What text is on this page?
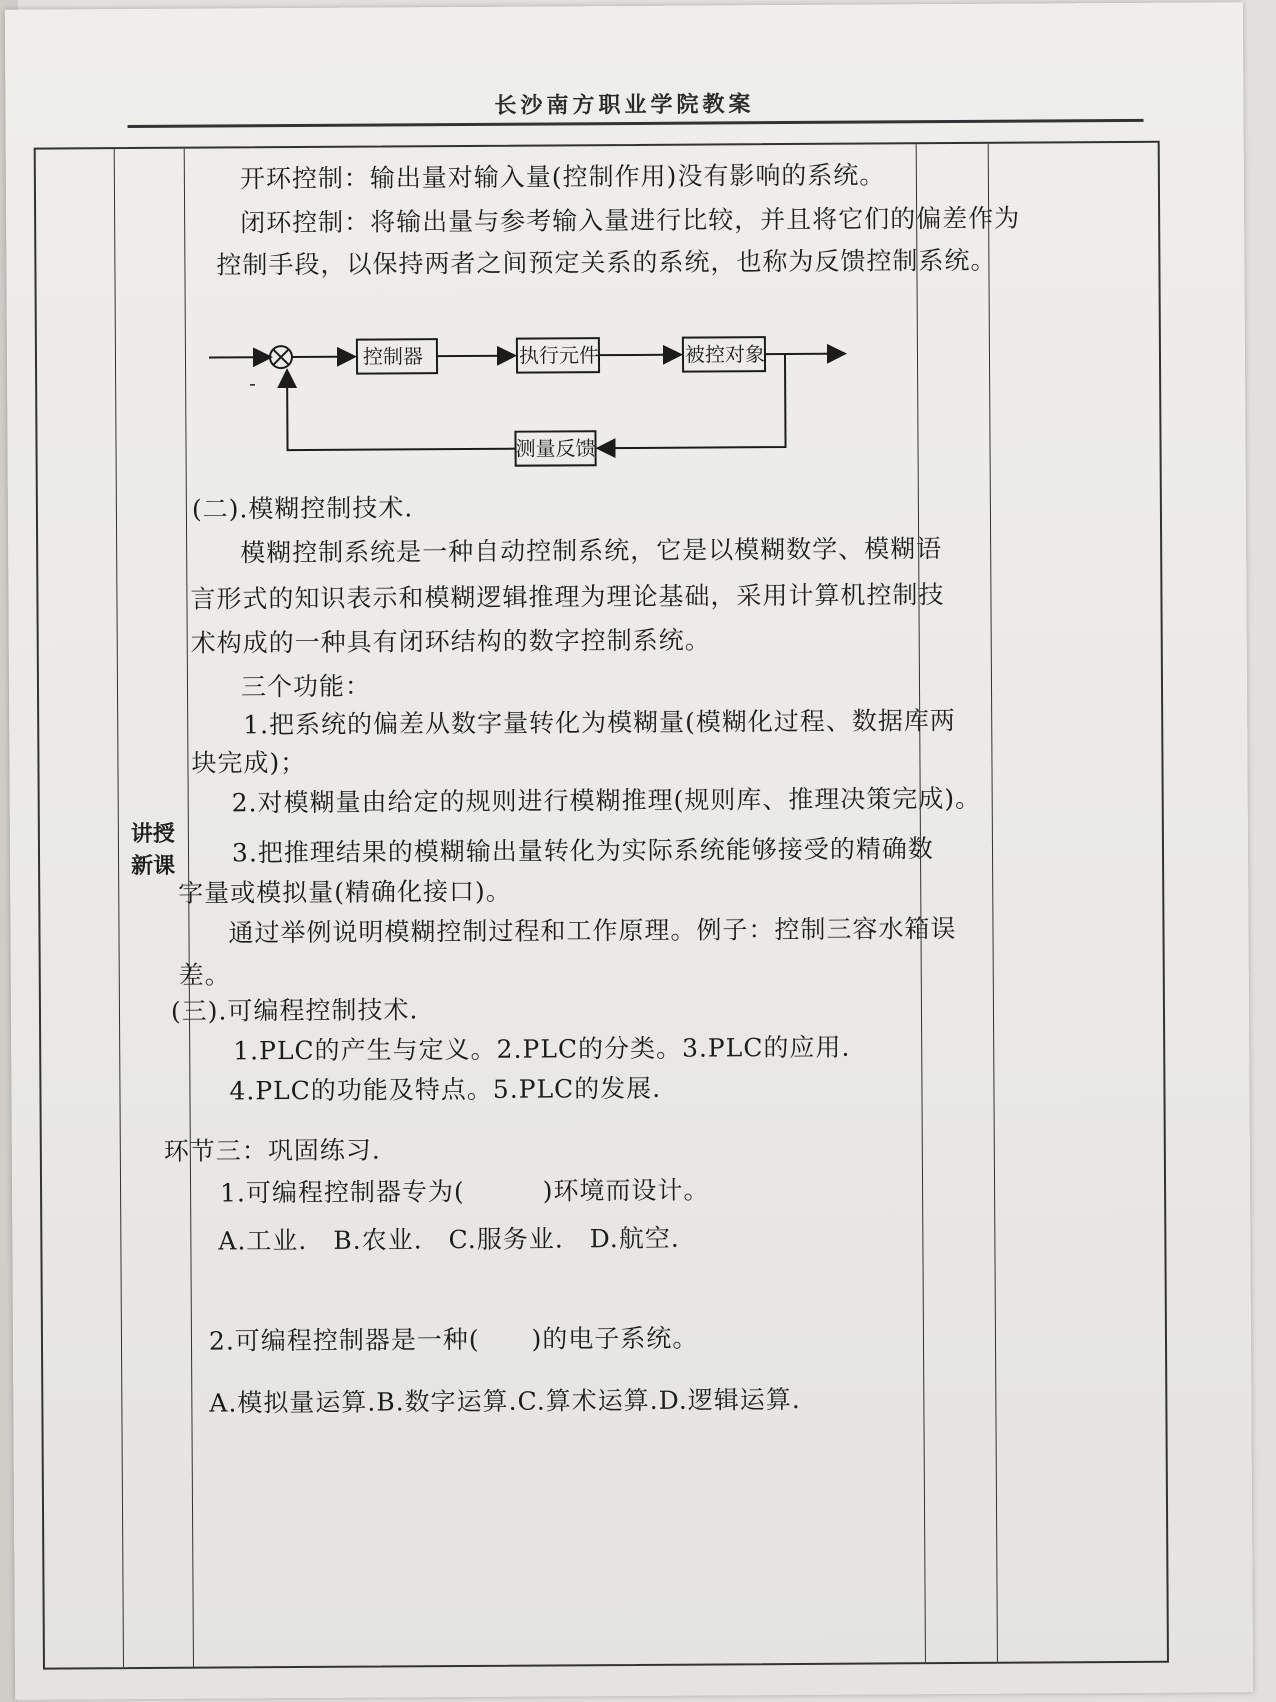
长沙南方职业学院教案
讲授
新课
开环控制：输出量对输入量(控制作用)没有影响的系统。
闭环控制：将输出量与参考输入量进行比较，并且将它们的偏差作为
控制手段，以保持两者之间预定关系的系统，也称为反馈控制系统。
-
控制器	执行元件	被控对象
测量反馈
(二).模糊控制技术.
模糊控制系统是一种自动控制系统，它是以模糊数学、模糊语
言形式的知识表示和模糊逻辑推理为理论基础，采用计算机控制技
术构成的一种具有闭环结构的数字控制系统。
三个功能：
1.把系统的偏差从数字量转化为模糊量(模糊化过程、数据库两
块完成)；
2.对模糊量由给定的规则进行模糊推理(规则库、推理决策完成)。
3.把推理结果的模糊输出量转化为实际系统能够接受的精确数
字量或模拟量(精确化接口)。
通过举例说明模糊控制过程和工作原理。例子：控制三容水箱误
差。
(三).可编程控制技术.
1.PLC的产生与定义。2.PLC的分类。3.PLC的应用.
4.PLC的功能及特点。5.PLC的发展.
环节三：巩固练习.
1.可编程控制器专为(　　　)环境而设计。
A.工业.　B.农业.　C.服务业.　D.航空.
2.可编程控制器是一种(　　)的电子系统。
A.模拟量运算.B.数字运算.C.算术运算.D.逻辑运算.
